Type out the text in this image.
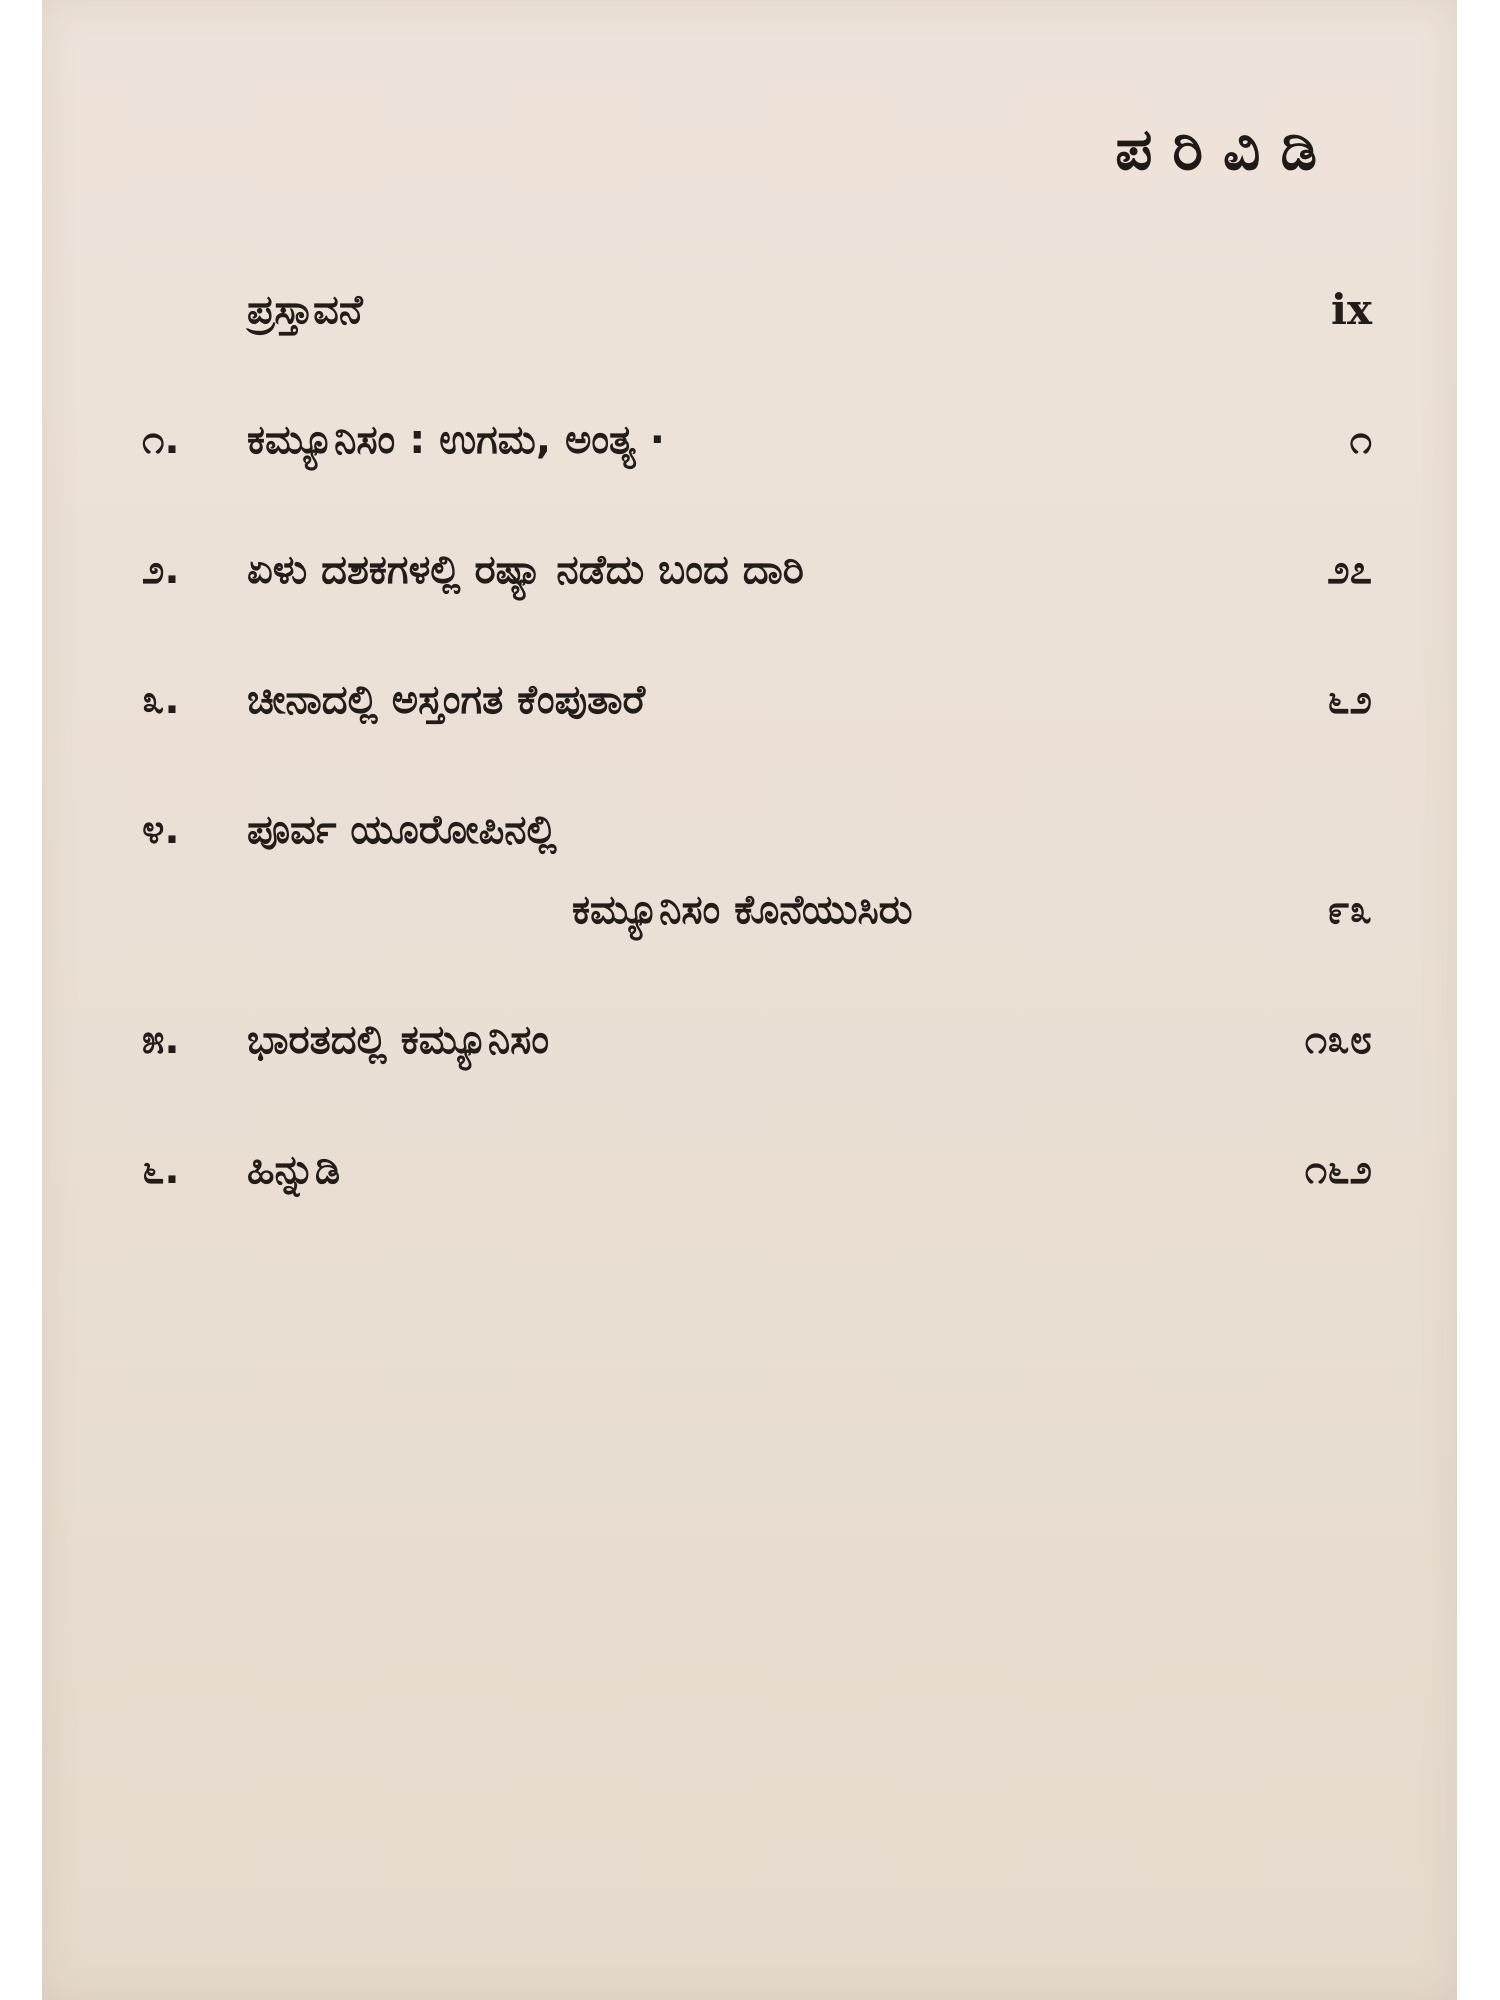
ಪರಿವಿಡಿ
ಪ್ರಸ್ತಾವನೆ	ix
೧. ಕಮ್ಯೂನಿಸಂ : ಉಗಮ, ಅಂತ್ಯ ·	೧
೨. ಏಳು ದಶಕಗಳಲ್ಲಿ ರಷ್ಯಾ ನಡೆದು ಬಂದ ದಾರಿ	೨೭
೩. ಚೀನಾದಲ್ಲಿ ಅಸ್ತಂಗತ ಕೆಂಪುತಾರೆ	೬೨
೪. ಪೂರ್ವ ಯೂರೋಪಿನಲ್ಲಿ
ಕಮ್ಯೂನಿಸಂ ಕೊನೆಯುಸಿರು	೯೩
೫. ಭಾರತದಲ್ಲಿ ಕಮ್ಯೂನಿಸಂ	೧೩೮
೬. ಹಿನ್ನುಡಿ	೧೬೨
